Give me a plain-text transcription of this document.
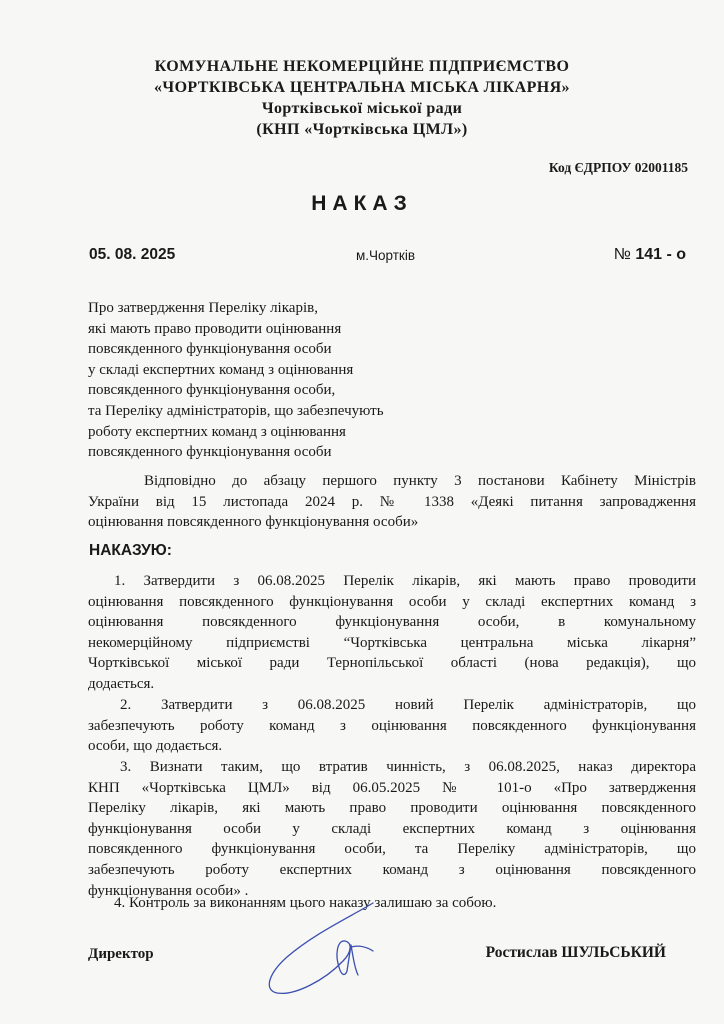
КОМУНАЛЬНЕ НЕКОМЕРЦІЙНЕ ПІДПРИЄМСТВО
«ЧОРТКІВСЬКА ЦЕНТРАЛЬНА МІСЬКА ЛІКАРНЯ»
Чортківської міської ради
(КНП «Чортківська ЦМЛ»)
Код ЄДРПОУ 02001185
НАКАЗ
05. 08. 2025	м.Чортків	№ 141 - о
Про затвердження Переліку лікарів,
які мають право проводити оцінювання
повсякденного функціонування особи
у складі експертних команд з оцінювання
повсякденного функціонування особи,
та Переліку адміністраторів, що забезпечують
роботу експертних команд з оцінювання
повсякденного функціонування особи
Відповідно до абзацу першого пункту 3 постанови Кабінету Міністрів
України від 15 листопада 2024 р. № 1338 «Деякі питання запровадження
оцінювання повсякденного функціонування особи»
НАКАЗУЮ:
1. Затвердити з 06.08.2025 Перелік лікарів, які мають право проводити
оцінювання повсякденного функціонування особи у складі експертних команд з
оцінювання повсякденного функціонування особи, в комунальному
некомерційному підприємстві “Чортківська центральна міська лікарня”
Чортківської міської ради Тернопільської області (нова редакція), що
додається.
2. Затвердити з 06.08.2025 новий Перелік адміністраторів, що
забезпечують роботу команд з оцінювання повсякденного функціонування
особи, що додається.
3. Визнати таким, що втратив чинність, з 06.08.2025, наказ директора
КНП «Чортківська ЦМЛ» від 06.05.2025 № 101-о «Про затвердження
Переліку лікарів, які мають право проводити оцінювання повсякденного
функціонування особи у складі експертних команд з оцінювання
повсякденного функціонування особи, та Переліку адміністраторів, що
забезпечують роботу експертних команд з оцінювання повсякденного
функціонування особи» .
4. Контроль за виконанням цього наказу залишаю за собою.
Директор	Ростислав ШУЛЬСЬКИЙ
